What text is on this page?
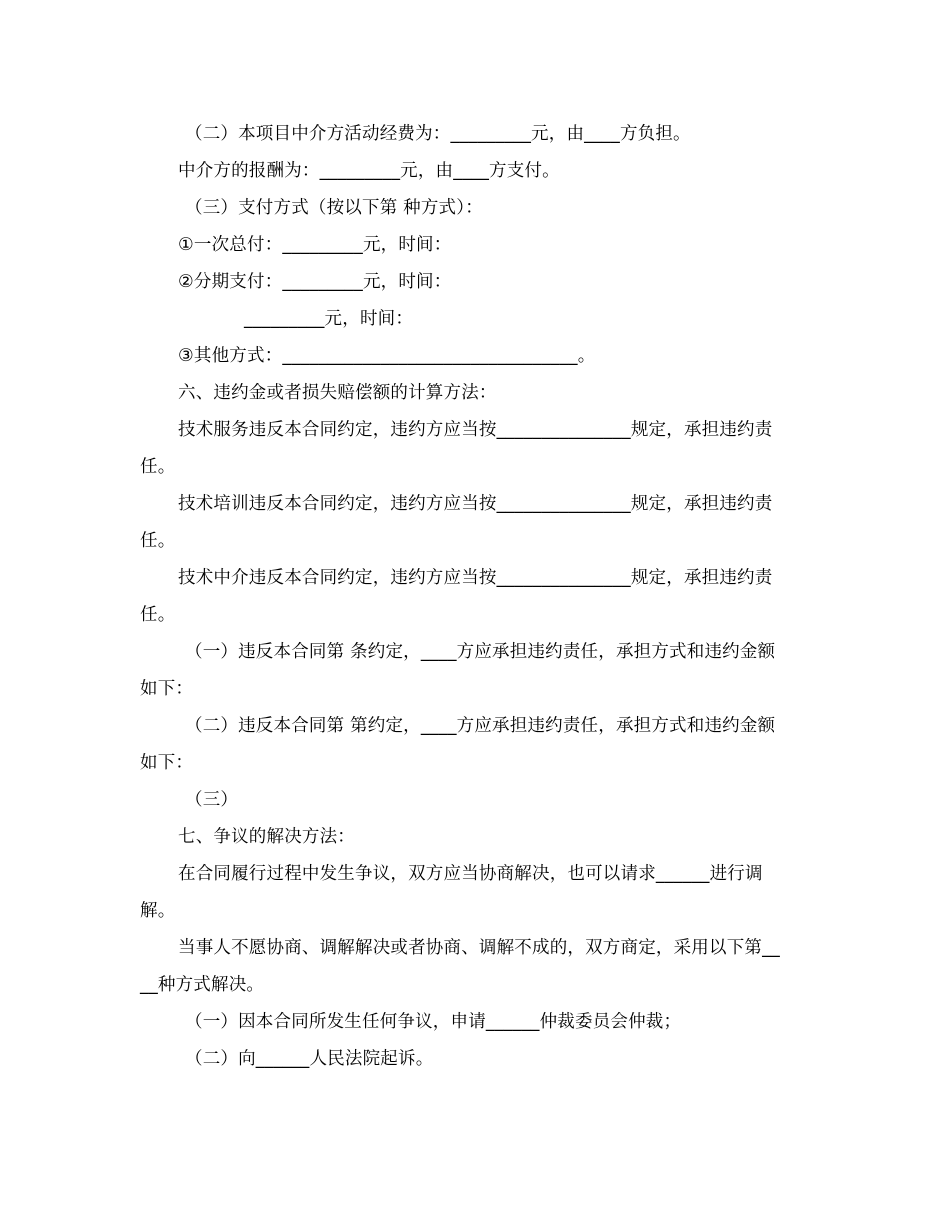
（二）本项目中介方活动经费为：_________元，由____方负担。
中介方的报酬为：_________元，由____方支付。
（三）支付方式（按以下第 种方式）：
①一次总付：_________元，时间：
②分期支付：_________元，时间：
_________元，时间：
③其他方式：_________________________________。
六、违约金或者损失赔偿额的计算方法：
技术服务违反本合同约定，违约方应当按_______________规定，承担违约责
任。
技术培训违反本合同约定，违约方应当按_______________规定，承担违约责
任。
技术中介违反本合同约定，违约方应当按_______________规定，承担违约责
任。
（一）违反本合同第 条约定，____方应承担违约责任，承担方式和违约金额
如下：
（二）违反本合同第 第约定，____方应承担违约责任，承担方式和违约金额
如下：
（三）
七、争议的解决方法：
在合同履行过程中发生争议，双方应当协商解决，也可以请求______进行调
解。
当事人不愿协商、调解解决或者协商、调解不成的，双方商定，采用以下第__
__种方式解决。
（一）因本合同所发生任何争议，申请______仲裁委员会仲裁；
（二）向______人民法院起诉。
